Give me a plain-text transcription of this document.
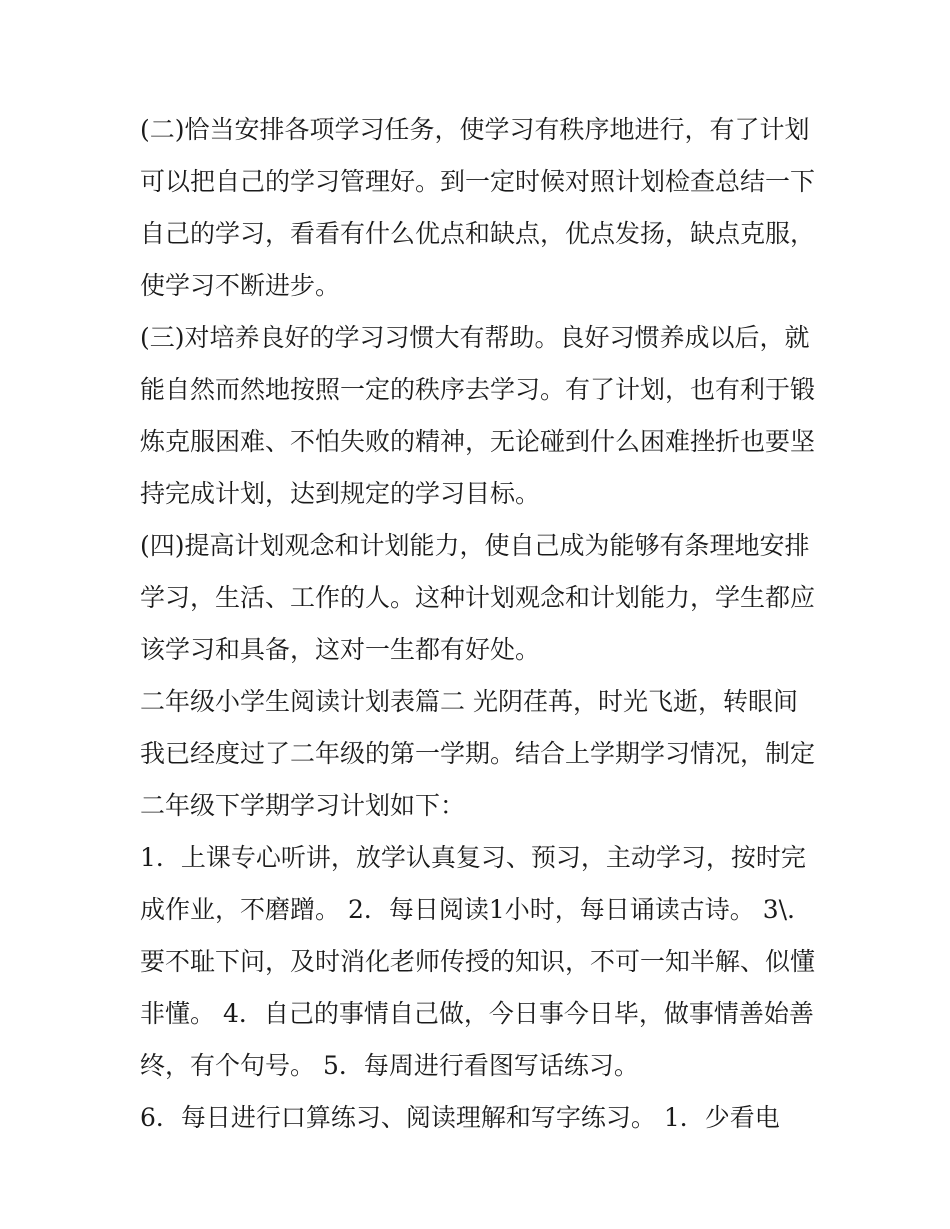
(二)恰当安排各项学习任务，使学习有秩序地进行，有了计划
可以把自己的学习管理好。到一定时候对照计划检查总结一下
自己的学习，看看有什么优点和缺点，优点发扬，缺点克服，
使学习不断进步。
(三)对培养良好的学习习惯大有帮助。良好习惯养成以后，就
能自然而然地按照一定的秩序去学习。有了计划，也有利于锻
炼克服困难、不怕失败的精神，无论碰到什么困难挫折也要坚
持完成计划，达到规定的学习目标。
(四)提高计划观念和计划能力，使自己成为能够有条理地安排
学习，生活、工作的人。这种计划观念和计划能力，学生都应
该学习和具备，这对一生都有好处。
二年级小学生阅读计划表篇二 光阴荏苒，时光飞逝，转眼间
我已经度过了二年级的第一学期。结合上学期学习情况，制定
二年级下学期学习计划如下：
1．上课专心听讲，放学认真复习、预习，主动学习，按时完
成作业，不磨蹭。 2．每日阅读1小时，每日诵读古诗。 3\.
要不耻下问，及时消化老师传授的知识，不可一知半解、似懂
非懂。 4．自己的事情自己做，今日事今日毕，做事情善始善
终，有个句号。 5．每周进行看图写话练习。
6．每日进行口算练习、阅读理解和写字练习。 1．少看电
